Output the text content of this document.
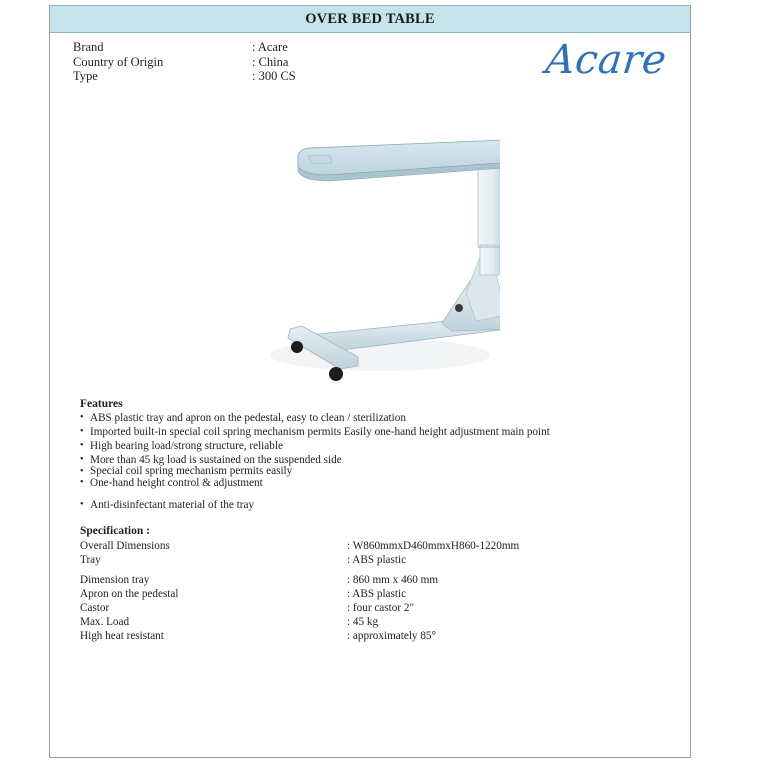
OVER BED TABLE
Brand	: Acare
Country of Origin	: China
Type	: 300 CS	Acare
Features
• ABS plastic tray and apron on the pedestal, easy to clean / sterilization
• Imported built-in special coil spring mechanism permits Easily one-hand height adjustment main point
• High bearing load/strong structure, reliable
• More than 45 kg load is sustained on the suspended side
• Special coil spring mechanism permits easily
• One-hand height control & adjustment
• Anti-disinfectant material of the tray
Specification :
Overall Dimensions	: W860mmxD460mmxH860-1220mm
Tray	: ABS plastic
Dimension tray	: 860 mm x 460 mm
Apron on the pedestal	: ABS plastic
Castor	: four castor 2"
Max. Load	: 45 kg
High heat resistant	: approximately 85°
